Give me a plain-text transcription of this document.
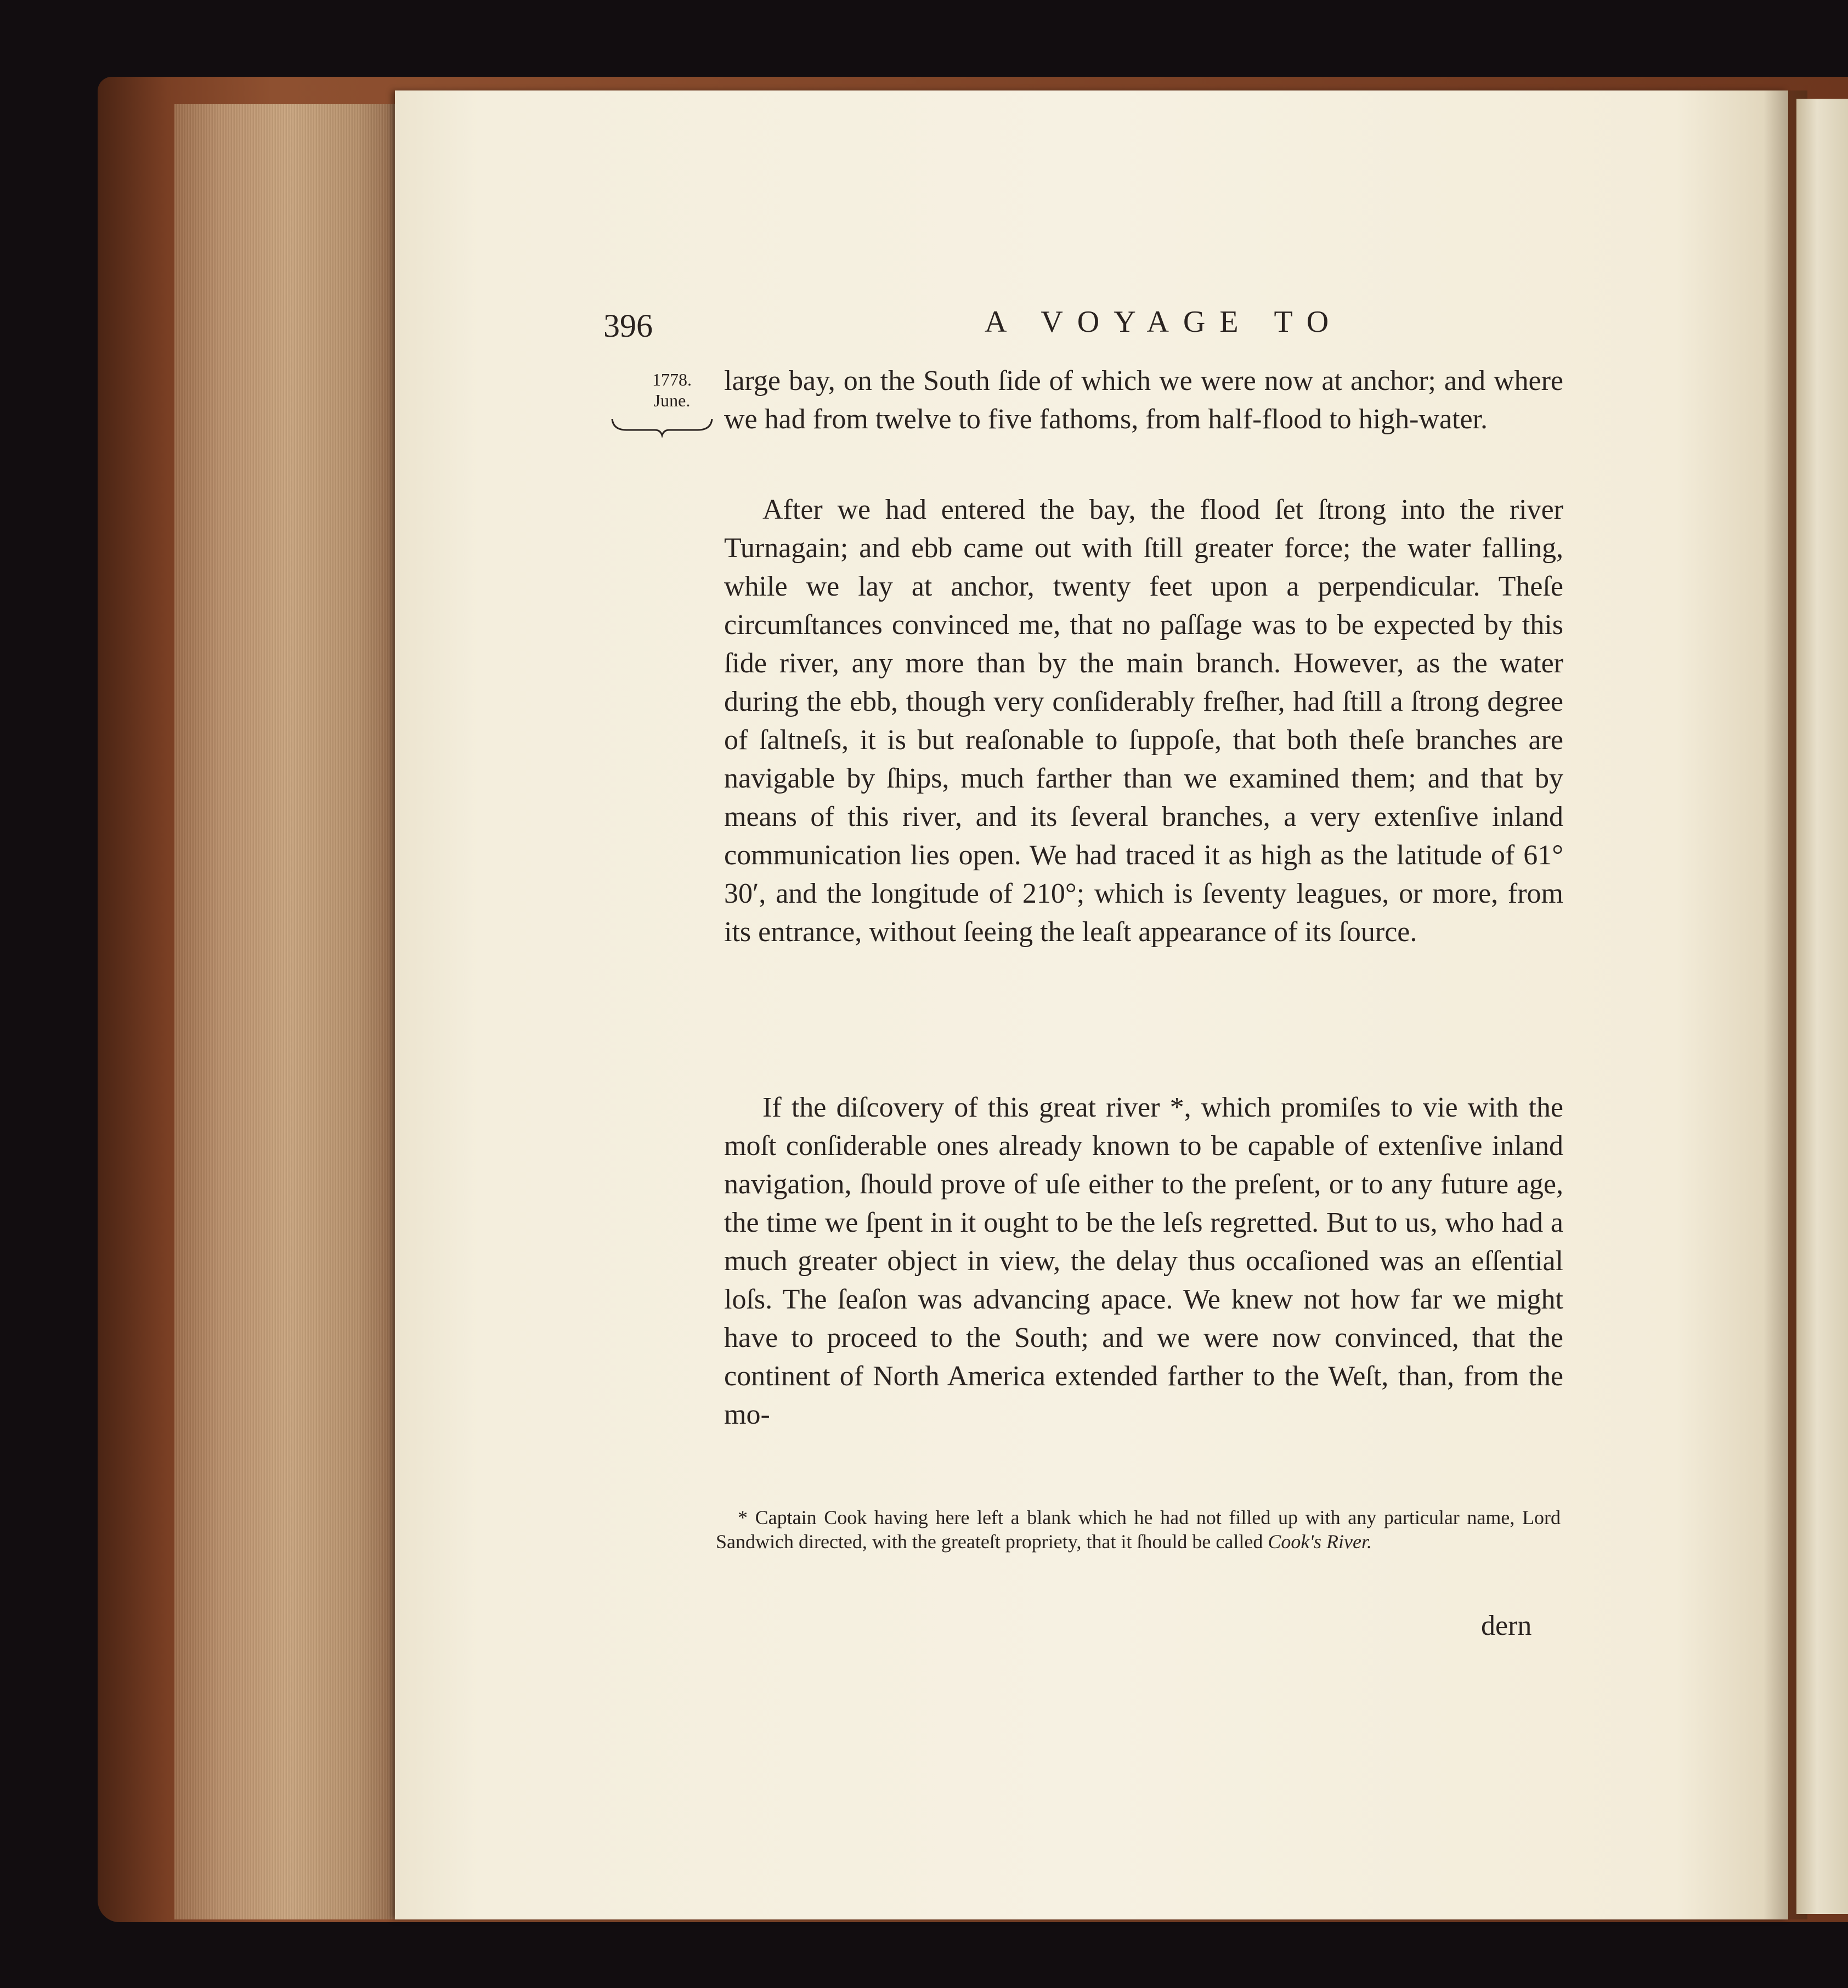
396	A VOYAGE TO
1778.
June.

large bay, on the South ſide of which we were now at anchor; and where we had from twelve to five fathoms, from half-flood to high-water.

After we had entered the bay, the flood ſet ſtrong into the river Turnagain; and ebb came out with ſtill greater force; the water falling, while we lay at anchor, twenty feet upon a perpendicular. Theſe circumſtances convinced me, that no paſſage was to be expected by this ſide river, any more than by the main branch. However, as the water during the ebb, though very conſiderably freſher, had ſtill a ſtrong degree of ſaltneſs, it is but reaſonable to ſuppoſe, that both theſe branches are navigable by ſhips, much farther than we examined them; and that by means of this river, and its ſeveral branches, a very extenſive inland communication lies open. We had traced it as high as the latitude of 61° 30′, and the longitude of 210°; which is ſeventy leagues, or more, from its entrance, without ſeeing the leaſt appearance of its ſource.

If the diſcovery of this great river *, which promiſes to vie with the moſt conſiderable ones already known to be capable of extenſive inland navigation, ſhould prove of uſe either to the preſent, or to any future age, the time we ſpent in it ought to be the leſs regretted. But to us, who had a much greater object in view, the delay thus occaſioned was an eſſential loſs. The ſeaſon was advancing apace. We knew not how far we might have to proceed to the South; and we were now convinced, that the continent of North America extended farther to the Weſt, than, from the mo-

* Captain Cook having here left a blank which he had not filled up with any particular name, Lord Sandwich directed, with the greateſt propriety, that it ſhould be called Cook's River.
dern
